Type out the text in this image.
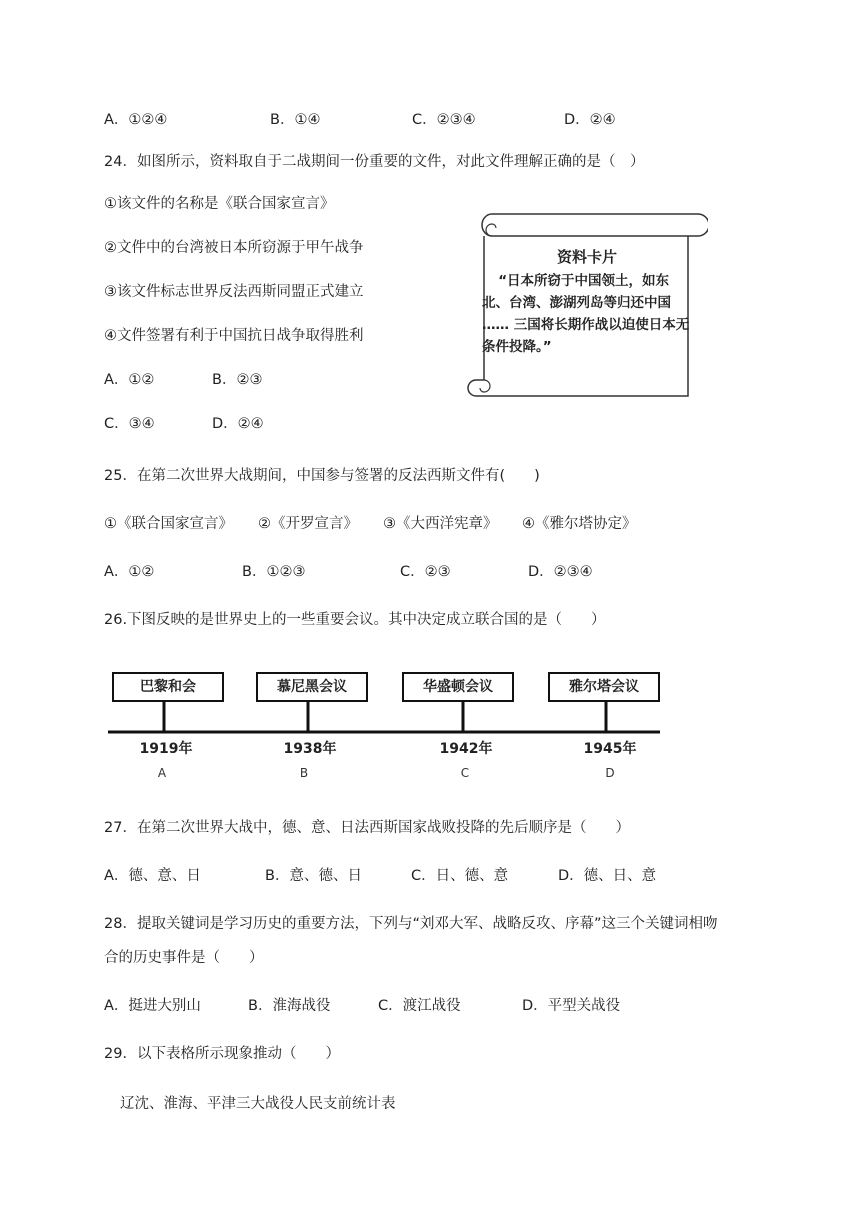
A．①②④	B．①④	C．②③④	D．②④
24．如图所示，资料取自于二战期间一份重要的文件，对此文件理解正确的是（　）
①该文件的名称是《联合国家宣言》
②文件中的台湾被日本所窃源于甲午战争
③该文件标志世界反法西斯同盟正式建立
④文件签署有利于中国抗日战争取得胜利
A．①②	B．②③
C．③④	D．②④
资料卡片
“日本所窃于中国领土，如东北、台湾、澎湖列岛等归还中国 …… 三国将长期作战以迫使日本无条件投降。”
25．在第二次世界大战期间，中国参与签署的反法西斯文件有(　　)
①《联合国家宣言》 ②《开罗宣言》 ③《大西洋宪章》 ④《雅尔塔协定》
A．①②	B．①②③	C．②③	D．②③④
26.下图反映的是世界史上的一些重要会议。其中决定成立联合国的是（　　）
巴黎和会	慕尼黑会议	华盛顿会议	雅尔塔会议
1919年	1938年	1942年	1945年
A	B	C	D
27．在第二次世界大战中，德、意、日法西斯国家战败投降的先后顺序是（　　）
A．德、意、日	B．意、德、日	C．日、德、意	D．德、日、意
28．提取关键词是学习历史的重要方法，下列与“刘邓大军、战略反攻、序幕”这三个关键词相吻
合的历史事件是（　　）
A．挺进大别山	B．淮海战役	C．渡江战役	D．平型关战役
29．以下表格所示现象推动（　　）
辽沈、淮海、平津三大战役人民支前统计表
